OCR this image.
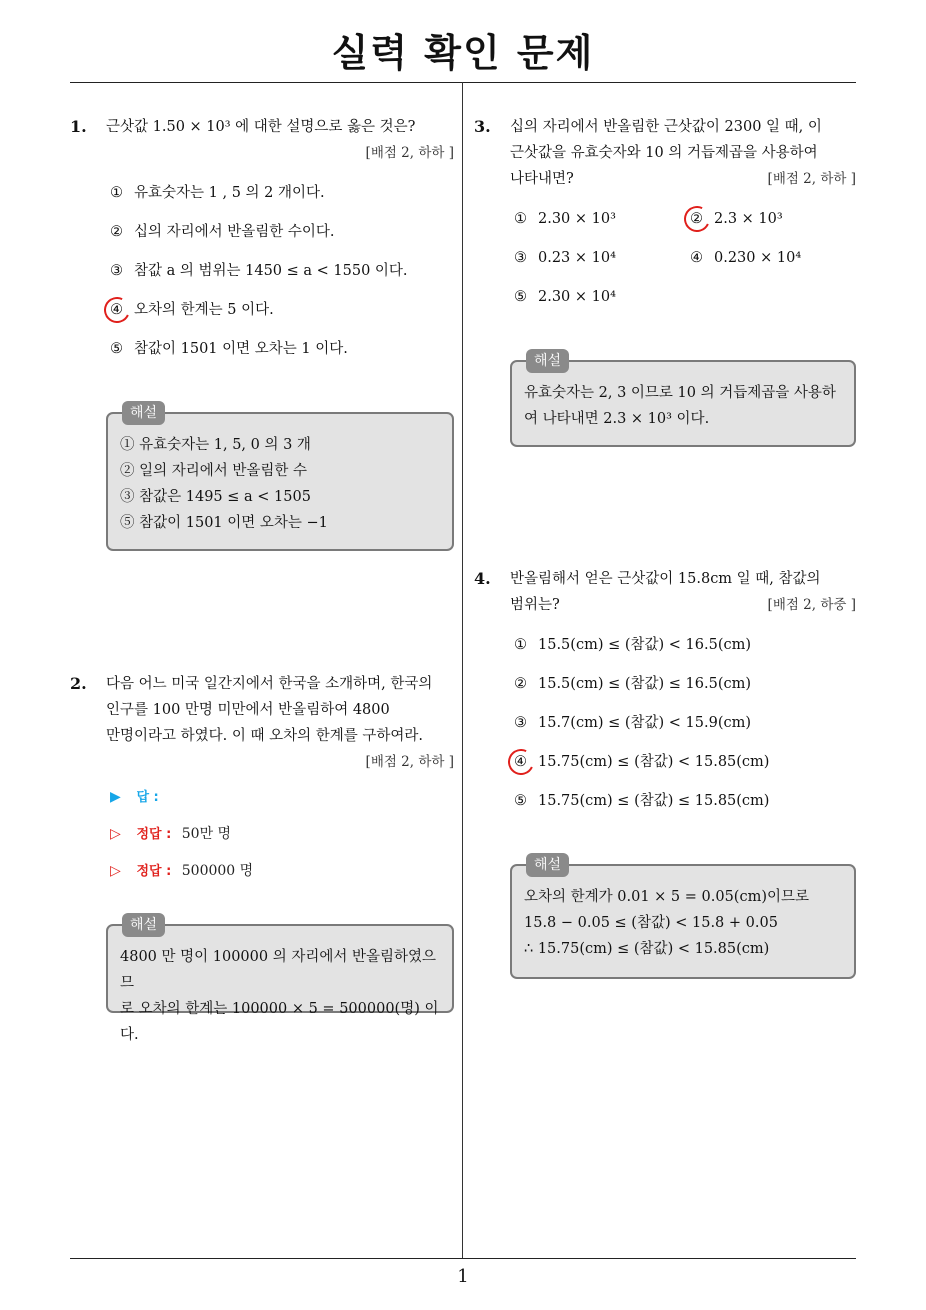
실력 확인 문제
1
1. 근삿값 1.50 × 10³ 에 대한 설명으로 옳은 것은?
[배점 2, 하하 ]
① 유효숫자는 1 , 5 의 2 개이다.
② 십의 자리에서 반올림한 수이다.
③ 참값 a 의 범위는 1450 ≤ a < 1550 이다.
④ 오차의 한계는 5 이다.
⑤ 참값이 1501 이면 오차는 1 이다.
해설
① 유효숫자는 1, 5, 0 의 3 개
② 일의 자리에서 반올림한 수
③ 참값은 1495 ≤ a < 1505
⑤ 참값이 1501 이면 오차는 −1
2. 다음 어느 미국 일간지에서 한국을 소개하며, 한국의
인구를 100 만명 미만에서 반올림하여 4800
만명이라고 하였다. 이 때 오차의 한계를 구하여라.
[배점 2, 하하 ]
▶ 답 :
▷ 정답 : 50만 명
▷ 정답 : 500000 명
해설
4800 만 명이 100000 의 자리에서 반올림하였으므
로 오차의 한계는 100000 × 5 = 500000(명) 이다.
3. 십의 자리에서 반올림한 근삿값이 2300 일 때, 이
근삿값을 유효숫자와 10 의 거듭제곱을 사용하여
나타내면?	[배점 2, 하하 ]
① 2.30 × 10³	② 2.3 × 10³
③ 0.23 × 10⁴	④ 0.230 × 10⁴
⑤ 2.30 × 10⁴
해설
유효숫자는 2, 3 이므로 10 의 거듭제곱을 사용하
여 나타내면 2.3 × 10³ 이다.
4. 반올림해서 얻은 근삿값이 15.8cm 일 때, 참값의
범위는?	[배점 2, 하중 ]
① 15.5(cm) ≤ (참값) < 16.5(cm)
② 15.5(cm) ≤ (참값) ≤ 16.5(cm)
③ 15.7(cm) ≤ (참값) < 15.9(cm)
④ 15.75(cm) ≤ (참값) < 15.85(cm)
⑤ 15.75(cm) ≤ (참값) ≤ 15.85(cm)
해설
오차의 한계가 0.01 × 5 = 0.05(cm)이므로
15.8 − 0.05 ≤ (참값) < 15.8 + 0.05
∴ 15.75(cm) ≤ (참값) < 15.85(cm)
